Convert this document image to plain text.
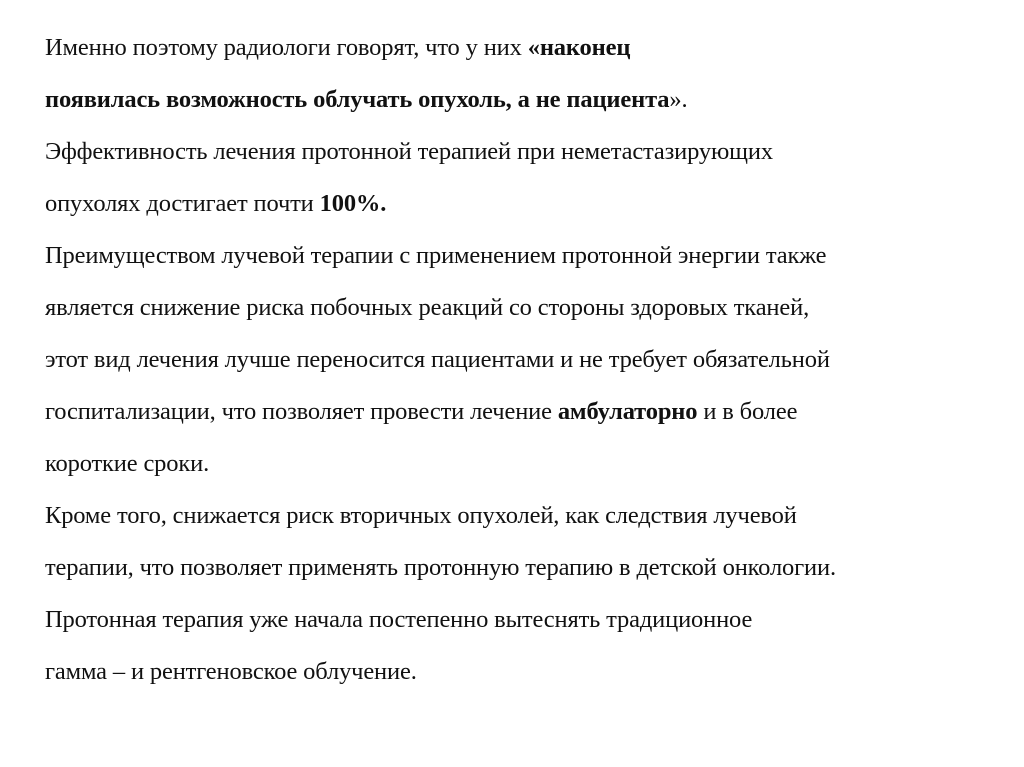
Именно поэтому радиологи говорят, что у них «наконец
появилась возможность облучать опухоль, а не пациента».
Эффективность лечения протонной терапией при неметастазирующих
опухолях достигает почти 100%.
Преимуществом лучевой терапии с применением протонной энергии также
является снижение риска побочных реакций со стороны здоровых тканей,
этот вид лечения лучше переносится пациентами и не требует обязательной
госпитализации, что позволяет провести лечение амбулаторно и в более
короткие сроки.
Кроме того, снижается риск вторичных опухолей, как следствия лучевой
терапии, что позволяет применять протонную терапию в детской онкологии.
Протонная терапия уже начала постепенно вытеснять традиционное
гамма – и рентгеновское облучение.
